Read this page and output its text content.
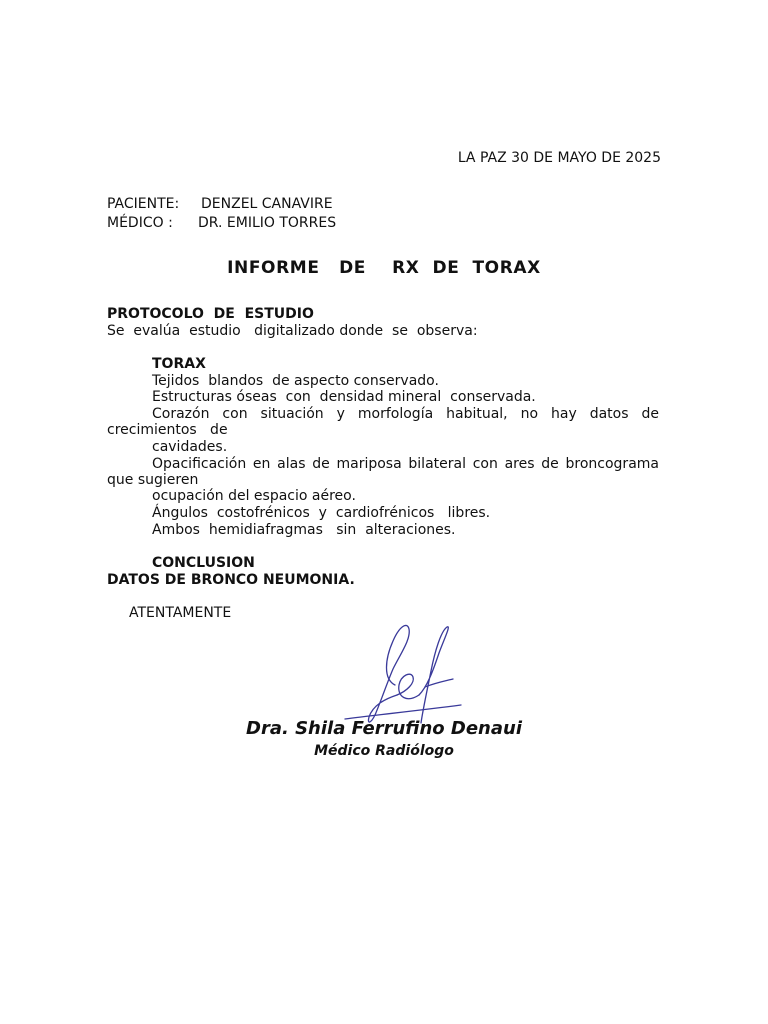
LA PAZ 30 DE MAYO DE 2025
PACIENTE: DENZEL CANAVIRE
MÉDICO : DR. EMILIO TORRES
INFORME   DE    RX  DE  TORAX
PROTOCOLO  DE  ESTUDIO
Se  evalúa  estudio   digitalizado donde  se  observa:
TORAX
Tejidos  blandos  de aspecto conservado.
Estructuras óseas  con  densidad mineral  conservada.
Corazón con situación y morfología habitual, no hay datos de
crecimientos   de
cavidades.
Opacificación en alas de mariposa bilateral con ares de broncograma
que sugieren
ocupación del espacio aéreo.
Ángulos  costofrénicos  y  cardiofrénicos   libres.
Ambos  hemidiafragmas   sin  alteraciones.
CONCLUSION
DATOS DE BRONCO NEUMONIA.
ATENTAMENTE
Dra. Shila Ferrufino Denaui
Médico Radiólogo
